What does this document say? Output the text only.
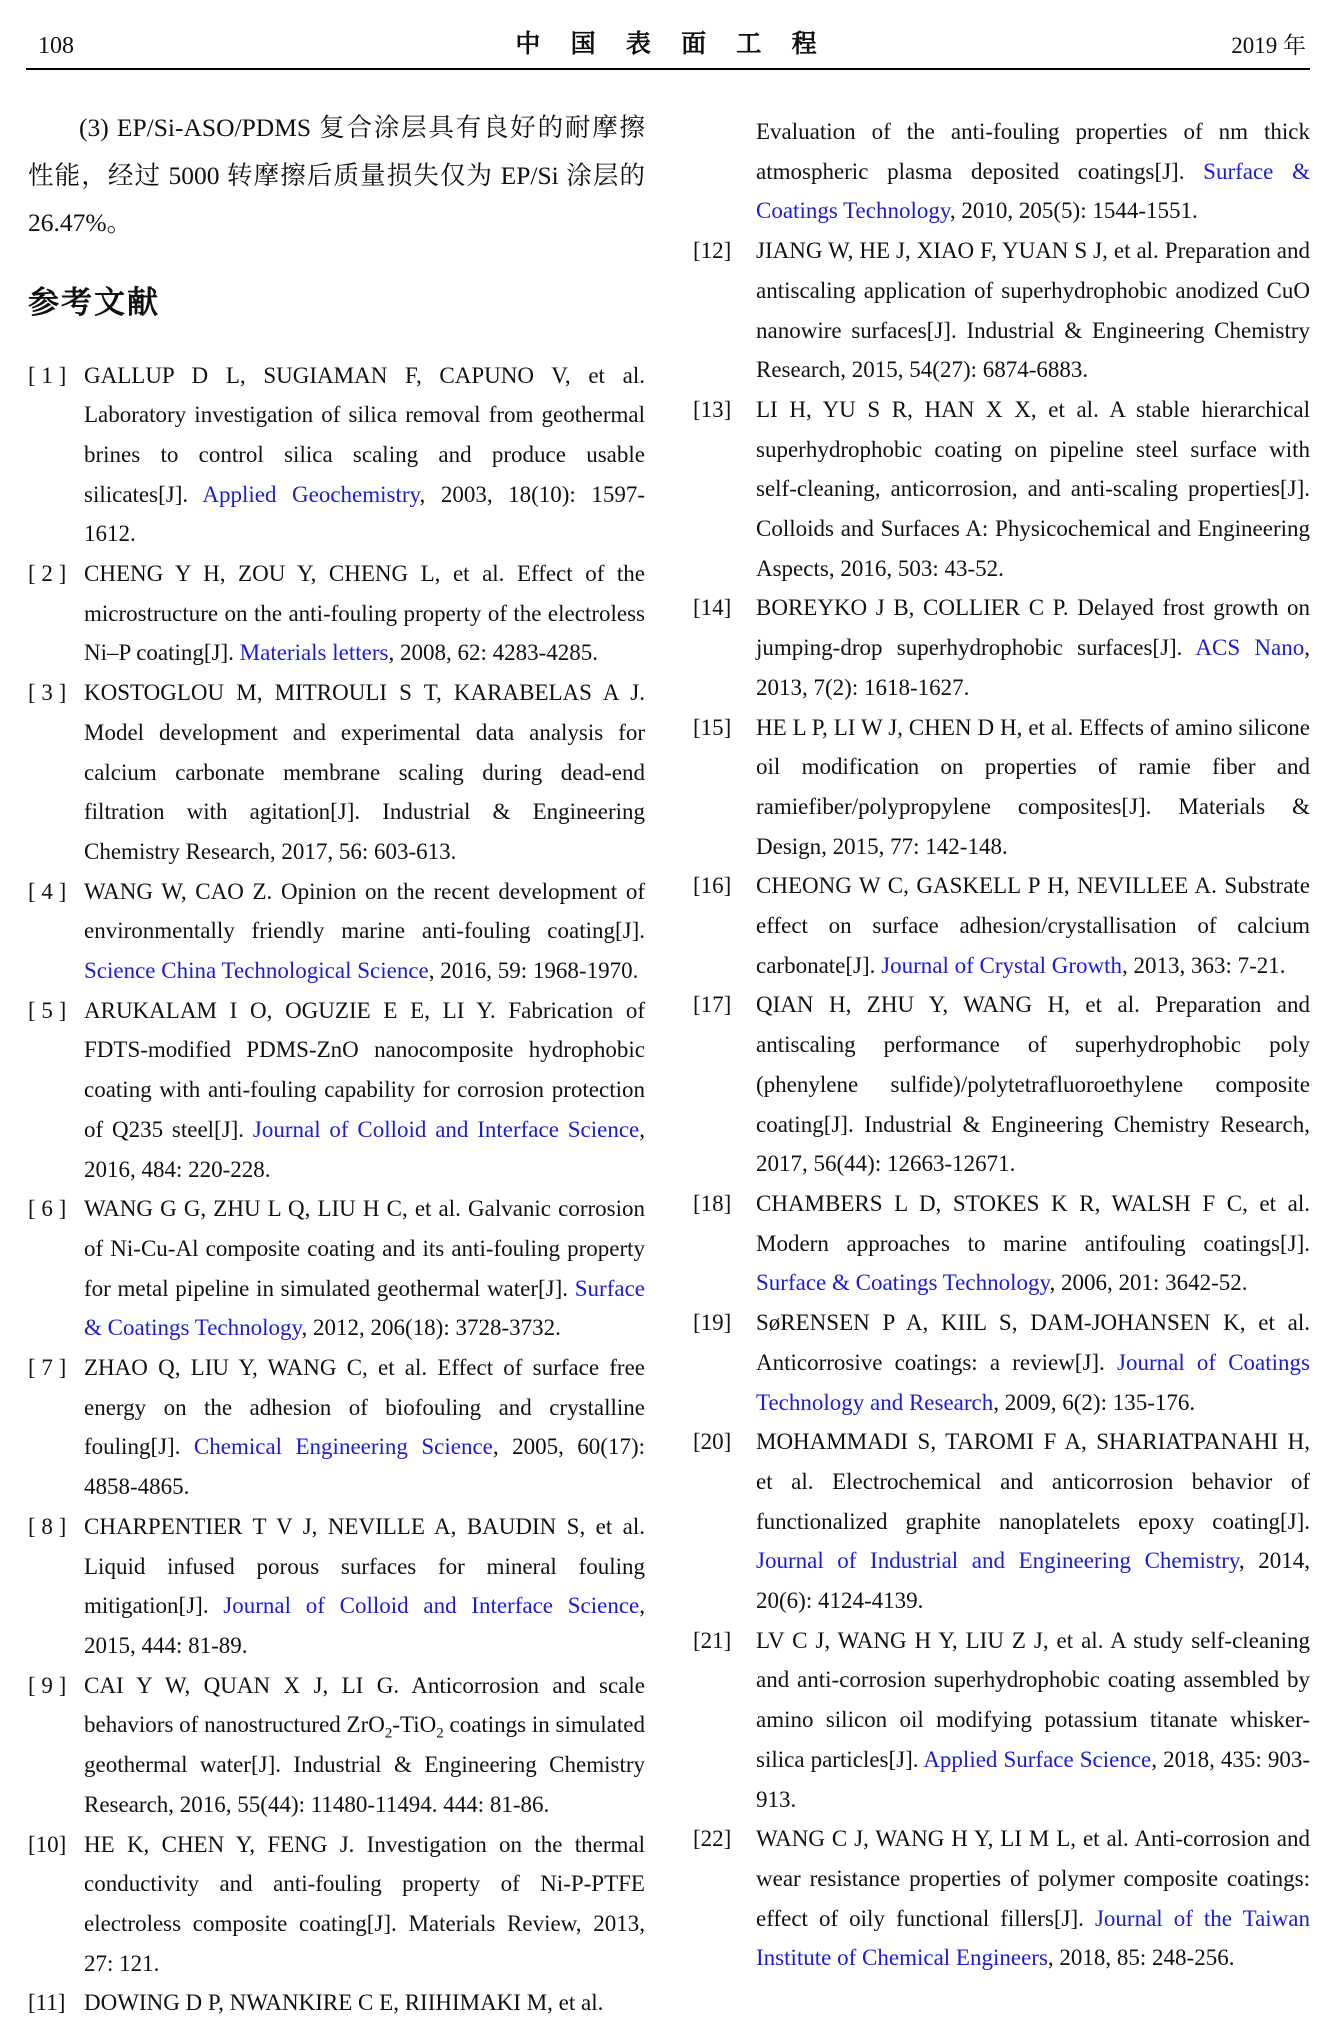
108	中 国 表 面 工 程	2019 年

(3) EP/Si-ASO/PDMS 复合涂层具有良好的耐摩擦性能，经过 5000 转摩擦后质量损失仅为 EP/Si 涂层的 26.47%。

参考文献
[ 1 ] GALLUP D L, SUGIAMAN F, CAPUNO V, et al. Laboratory investigation of silica removal from geothermal brines to control silica scaling and produce usable silicates[J]. Applied Geochemistry, 2003, 18(10): 1597-1612.
[ 2 ] CHENG Y H, ZOU Y, CHENG L, et al. Effect of the microstructure on the anti-fouling property of the electroless Ni–P coating[J]. Materials letters, 2008, 62: 4283-4285.
[ 3 ] KOSTOGLOU M, MITROULI S T, KARABELAS A J. Model development and experimental data analysis for calcium carbonate membrane scaling during dead-end filtration with agitation[J]. Industrial & Engineering Chemistry Research, 2017, 56: 603-613.
[ 4 ] WANG W, CAO Z. Opinion on the recent development of environmentally friendly marine anti-fouling coating[J]. Science China Technological Science, 2016, 59: 1968-1970.
[ 5 ] ARUKALAM I O, OGUZIE E E, LI Y. Fabrication of FDTS-modified PDMS-ZnO nanocomposite hydrophobic coating with anti-fouling capability for corrosion protection of Q235 steel[J]. Journal of Colloid and Interface Science, 2016, 484: 220-228.
[ 6 ] WANG G G, ZHU L Q, LIU H C, et al. Galvanic corrosion of Ni-Cu-Al composite coating and its anti-fouling property for metal pipeline in simulated geothermal water[J]. Surface & Coatings Technology, 2012, 206(18): 3728-3732.
[ 7 ] ZHAO Q, LIU Y, WANG C, et al. Effect of surface free energy on the adhesion of biofouling and crystalline fouling[J]. Chemical Engineering Science, 2005, 60(17): 4858-4865.
[ 8 ] CHARPENTIER T V J, NEVILLE A, BAUDIN S, et al. Liquid infused porous surfaces for mineral fouling mitigation[J]. Journal of Colloid and Interface Science, 2015, 444: 81-89.
[ 9 ] CAI Y W, QUAN X J, LI G. Anticorrosion and scale behaviors of nanostructured ZrO$_2$-TiO$_2$ coatings in simulated geothermal water[J]. Industrial & Engineering Chemistry Research, 2016, 55(44): 11480-11494. 444: 81-86.
[10] HE K, CHEN Y, FENG J. Investigation on the thermal conductivity and anti-fouling property of Ni-P-PTFE electroless composite coating[J]. Materials Review, 2013, 27: 121.
[11] DOWING D P, NWANKIRE C E, RIIHIMAKI M, et al.
Evaluation of the anti-fouling properties of nm thick atmospheric plasma deposited coatings[J]. Surface & Coatings Technology, 2010, 205(5): 1544-1551.
[12] JIANG W, HE J, XIAO F, YUAN S J, et al. Preparation and antiscaling application of superhydrophobic anodized CuO nanowire surfaces[J]. Industrial & Engineering Chemistry Research, 2015, 54(27): 6874-6883.
[13] LI H, YU S R, HAN X X, et al. A stable hierarchical superhydrophobic coating on pipeline steel surface with self-cleaning, anticorrosion, and anti-scaling properties[J]. Colloids and Surfaces A: Physicochemical and Engineering Aspects, 2016, 503: 43-52.
[14] BOREYKO J B, COLLIER C P. Delayed frost growth on jumping-drop superhydrophobic surfaces[J]. ACS Nano, 2013, 7(2): 1618-1627.
[15] HE L P, LI W J, CHEN D H, et al. Effects of amino silicone oil modification on properties of ramie fiber and ramiefiber/polypropylene composites[J]. Materials & Design, 2015, 77: 142-148.
[16] CHEONG W C, GASKELL P H, NEVILLEE A. Substrate effect on surface adhesion/crystallisation of calcium carbonate[J]. Journal of Crystal Growth, 2013, 363: 7-21.
[17] QIAN H, ZHU Y, WANG H, et al. Preparation and antiscaling performance of superhydrophobic poly (phenylene sulfide)/polytetrafluoroethylene composite coating[J]. Industrial & Engineering Chemistry Research, 2017, 56(44): 12663-12671.
[18] CHAMBERS L D, STOKES K R, WALSH F C, et al. Modern approaches to marine antifouling coatings[J]. Surface & Coatings Technology, 2006, 201: 3642-52.
[19] SøRENSEN P A, KIIL S, DAM-JOHANSEN K, et al. Anticorrosive coatings: a review[J]. Journal of Coatings Technology and Research, 2009, 6(2): 135-176.
[20] MOHAMMADI S, TAROMI F A, SHARIATPANAHI H, et al. Electrochemical and anticorrosion behavior of functionalized graphite nanoplatelets epoxy coating[J]. Journal of Industrial and Engineering Chemistry, 2014, 20(6): 4124-4139.
[21] LV C J, WANG H Y, LIU Z J, et al. A study self-cleaning and anti-corrosion superhydrophobic coating assembled by amino silicon oil modifying potassium titanate whisker-silica particles[J]. Applied Surface Science, 2018, 435: 903-913.
[22] WANG C J, WANG H Y, LI M L, et al. Anti-corrosion and wear resistance properties of polymer composite coatings: effect of oily functional fillers[J]. Journal of the Taiwan Institute of Chemical Engineers, 2018, 85: 248-256.
